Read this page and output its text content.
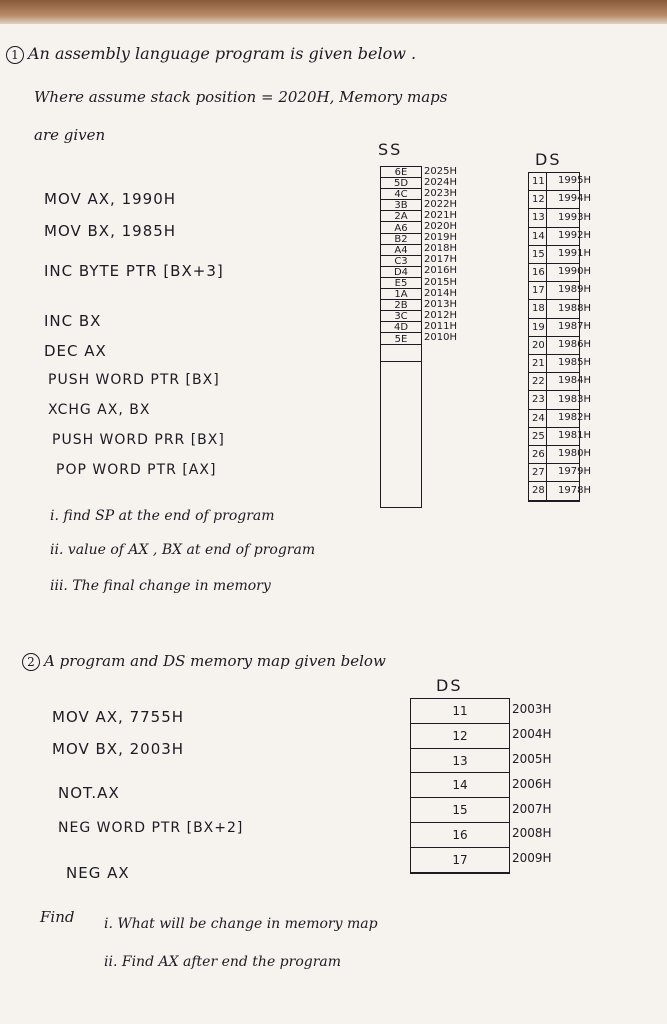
1 An assembly language program is given below .
Where assume stack position = 2020H, Memory maps
are given
MOV AX, 1990H
MOV BX, 1985H
INC BYTE PTR [BX+3]
INC BX
DEC AX
PUSH WORD PTR [BX]
XCHG AX, BX
PUSH WORD PRR [BX]
POP WORD PTR [AX]
i. find SP at the end of program
ii. value of AX , BX at end of program
iii. The final change in memory
SS
6E
5D
4C
3B
2A
A6
B2
A4
C3
D4
E5
1A
2B
3C
4D
5E
2025H
2024H
2023H
2022H
2021H
2020H
2019H
2018H
2017H
2016H
2015H
2014H
2013H
2012H
2011H
2010H
DS
11
12
13
14
15
16
17
18
19
20
21
22
23
24
25
26
27
28
1995H
1994H
1993H
1992H
1991H
1990H
1989H
1988H
1987H
1986H
1985H
1984H
1983H
1982H
1981H
1980H
1979H
1978H
2 A program and DS memory map given below
MOV AX, 7755H
MOV BX, 2003H
NOT.AX
NEG WORD PTR [BX+2]
NEG AX
DS
11
12
13
14
15
16
17
2003H
2004H
2005H
2006H
2007H
2008H
2009H
Find i. What will be change in memory map
ii. Find AX after end the program
